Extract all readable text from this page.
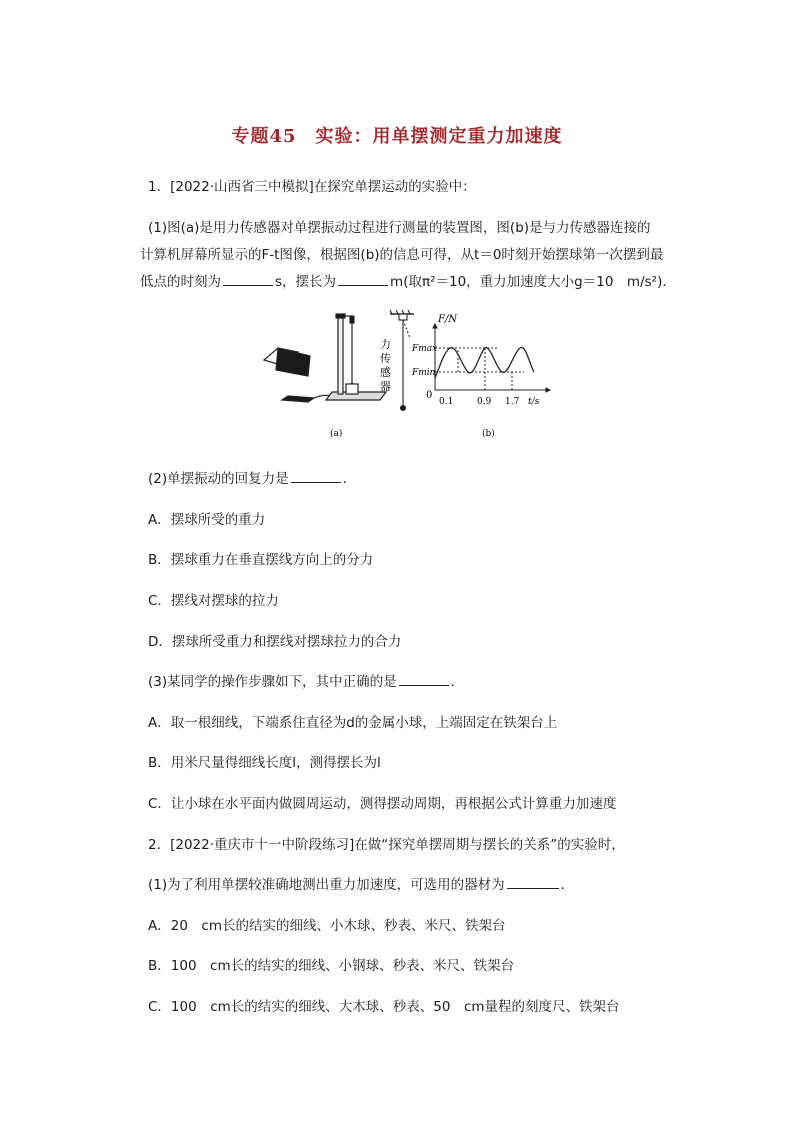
专题45　实验：用单摆测定重力加速度

1．[2022·山西省三中模拟]在探究单摆运动的实验中：

(1)图(a)是用力传感器对单摆振动过程进行测量的装置图，图(b)是与力传感器连接的

计算机屏幕所显示的F-t图像，根据图(b)的信息可得，从t＝0时刻开始摆球第一次摆到最

低点的时刻为	s，摆长为	m(取π²＝10，重力加速度大小g＝10　m/s²)．

力
传
感
器
F/N
Fmax
Fmin
0
0.1	0.9 1.7 t/s
(a)	(b)

(2)单摆振动的回复力是	．

A．摆球所受的重力

B．摆球重力在垂直摆线方向上的分力

C．摆线对摆球的拉力

D．摆球所受重力和摆线对摆球拉力的合力

(3)某同学的操作步骤如下，其中正确的是	．

A．取一根细线，下端系住直径为d的金属小球，上端固定在铁架台上

B．用米尺量得细线长度l，测得摆长为l

C．让小球在水平面内做圆周运动，测得摆动周期，再根据公式计算重力加速度

2．[2022·重庆市十一中阶段练习]在做“探究单摆周期与摆长的关系”的实验时，

(1)为了利用单摆较准确地测出重力加速度，可选用的器材为	．

A．20　cm长的结实的细线、小木球、秒表、米尺、铁架台

B．100　cm长的结实的细线、小钢球、秒表、米尺、铁架台

C．100　cm长的结实的细线、大木球、秒表、50　cm量程的刻度尺、铁架台
